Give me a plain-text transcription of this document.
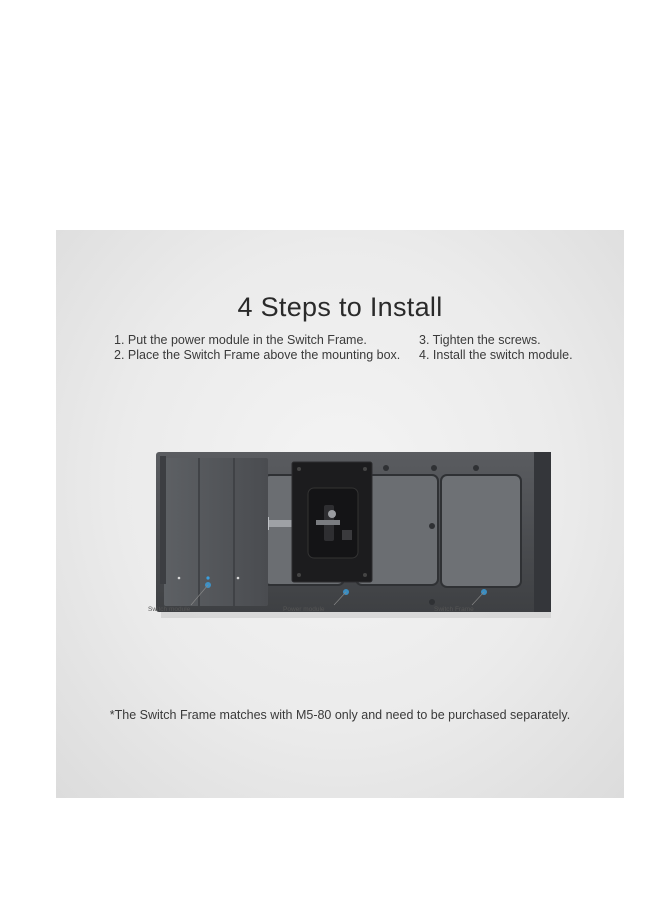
4 Steps to Install
1. Put the power module in the Switch Frame.
2. Place the Switch Frame above the mounting box.
3. Tighten the screws.
4. Install the switch module.
Switch module	Power module	Switch Frame
*The Switch Frame matches with M5-80 only and need to be purchased separately.
